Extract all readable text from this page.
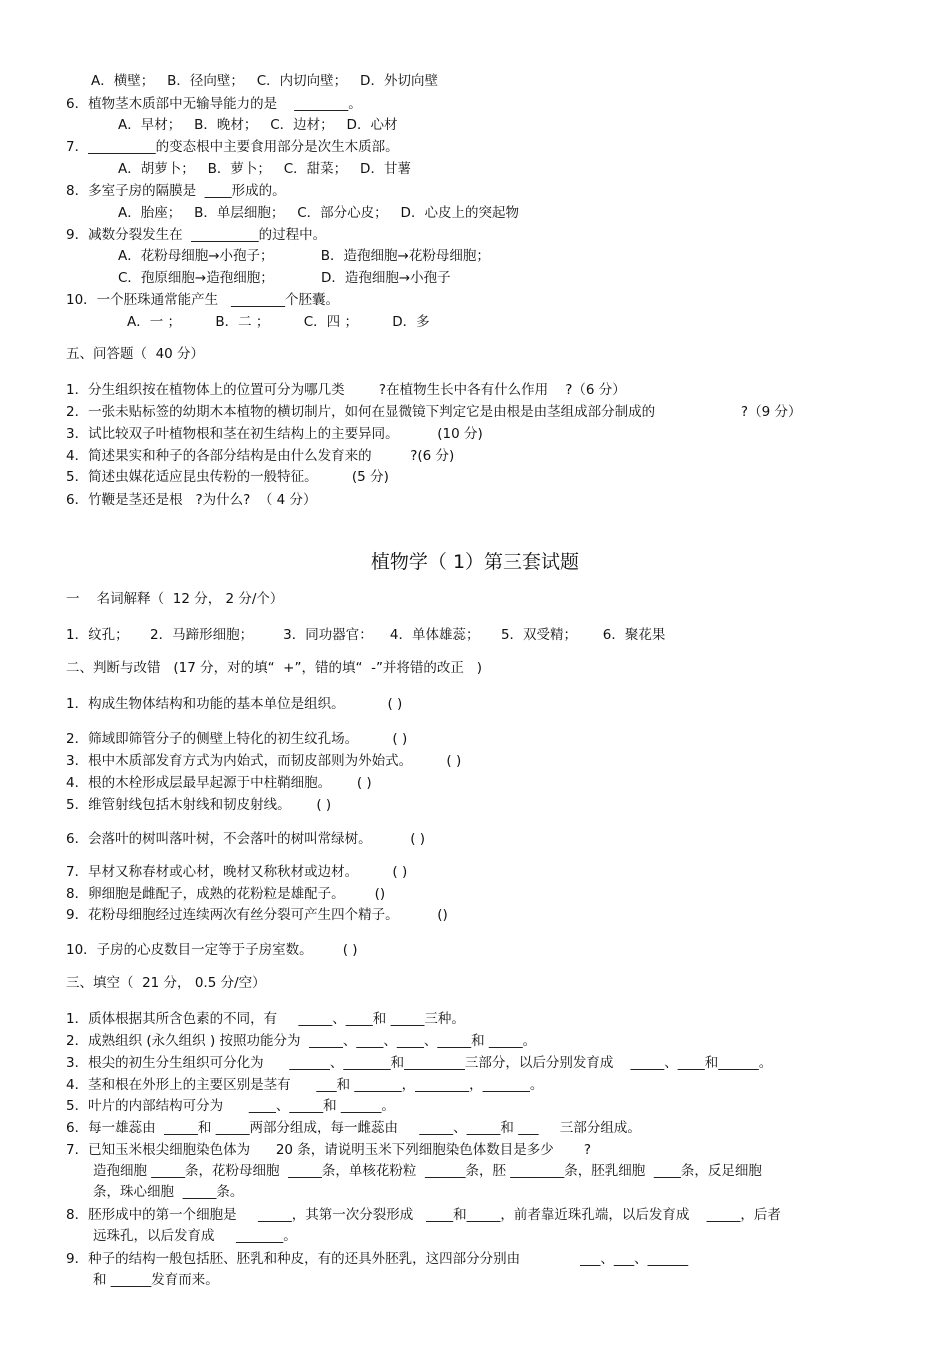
A．横壁；   B．径向壁；   C．内切向壁；   D．外切向壁
6．植物茎木质部中无输导能力的是    ________。
A．早材；   B．晚材；   C．边材；   D．心材
7．__________的变态根中主要食用部分是次生木质部。
A．胡萝卜；   B．萝卜；   C．甜菜；   D．甘薯
8．多室子房的隔膜是  ____形成的。
A．胎座；   B．单层细胞；   C．部分心皮；   D．心皮上的突起物
9．减数分裂发生在  __________的过程中。
A．花粉母细胞→小孢子；           B．造孢细胞→花粉母细胞；
C．孢原细胞→造孢细胞；           D．造孢细胞→小孢子
10．一个胚珠通常能产生   ________个胚囊。
A．一 ；        B．二 ；        C．四 ；        D．多
五、问答题（  40 分）
1．分生组织按在植物体上的位置可分为哪几类        ?在植物生长中各有什么作用    ?（6 分）
2．一张未贴标签的幼期木本植物的横切制片，如何在显微镜下判定它是由根是由茎组成部分制成的                    ?（9 分）
3．试比较双子叶植物根和茎在初生结构上的主要异同。         (10 分)
4．简述果实和种子的各部分结构是由什么发育来的         ?(6 分)
5．简述虫媒花适应昆虫传粉的一般特征。        (5 分)
6．竹鞭是茎还是根   ?为什么?  （ 4 分）
植物学（ 1）第三套试题
一    名词解释（  12 分， 2 分/个）
1．纹孔；     2．马蹄形细胞；       3．同功器官：    4．单体雄蕊；     5．双受精；      6．聚花果
二、判断与改错   (17 分，对的填“  +”，错的填“  -”并将错的改正   )
1．构成生物体结构和功能的基本单位是组织。          ( )
2．筛域即筛管分子的侧壁上特化的初生纹孔场。        ( )
3．根中木质部发育方式为内始式，而韧皮部则为外始式。        ( )
4．根的木栓形成层最早起源于中柱鞘细胞。      ( )
5．维管射线包括木射线和韧皮射线。      ( )
6．会落叶的树叫落叶树，不会落叶的树叫常绿树。         ( )
7．早材又称春材或心材，晚材又称秋材或边材。        ( )
8．卵细胞是雌配子，成熟的花粉粒是雄配子。       ()
9．花粉母细胞经过连续两次有丝分裂可产生四个精子。         ()
10．子房的心皮数目一定等于子房室数。       ( )
三、填空（  21 分， 0.5 分/空）
1．质体根据其所含色素的不同，有     _____、____和 _____三种。
2．成熟组织 (永久组织 ) 按照功能分为  _____、____、____、_____和 _____。
3．根尖的初生分生组织可分化为      ______、_______和_________三部分，以后分别发育成    _____、____和______。
4．茎和根在外形上的主要区别是茎有      ___和 _______，________，_______。
5．叶片的内部结构可分为      ____、_____和 ______。
6．每一雄蕊由  _____和 _____两部分组成，每一雌蕊由     _____、_____和 ___     三部分组成。
7．已知玉米根尖细胞染色体为      20 条，请说明玉米下列细胞染色体数目是多少       ?
造孢细胞 _____条，花粉母细胞  _____条，单核花粉粒  ______条，胚 ________条，胚乳细胞  ____条，反足细胞
条，珠心细胞  _____条。
8．胚形成中的第一个细胞是     _____，其第一次分裂形成   ____和_____，前者靠近珠孔端，以后发育成    _____，后者
远珠孔，以后发育成     _______。
9．种子的结构一般包括胚、胚乳和种皮，有的还具外胚乳，这四部分分别由              ___、___、______
和 ______发育而来。
